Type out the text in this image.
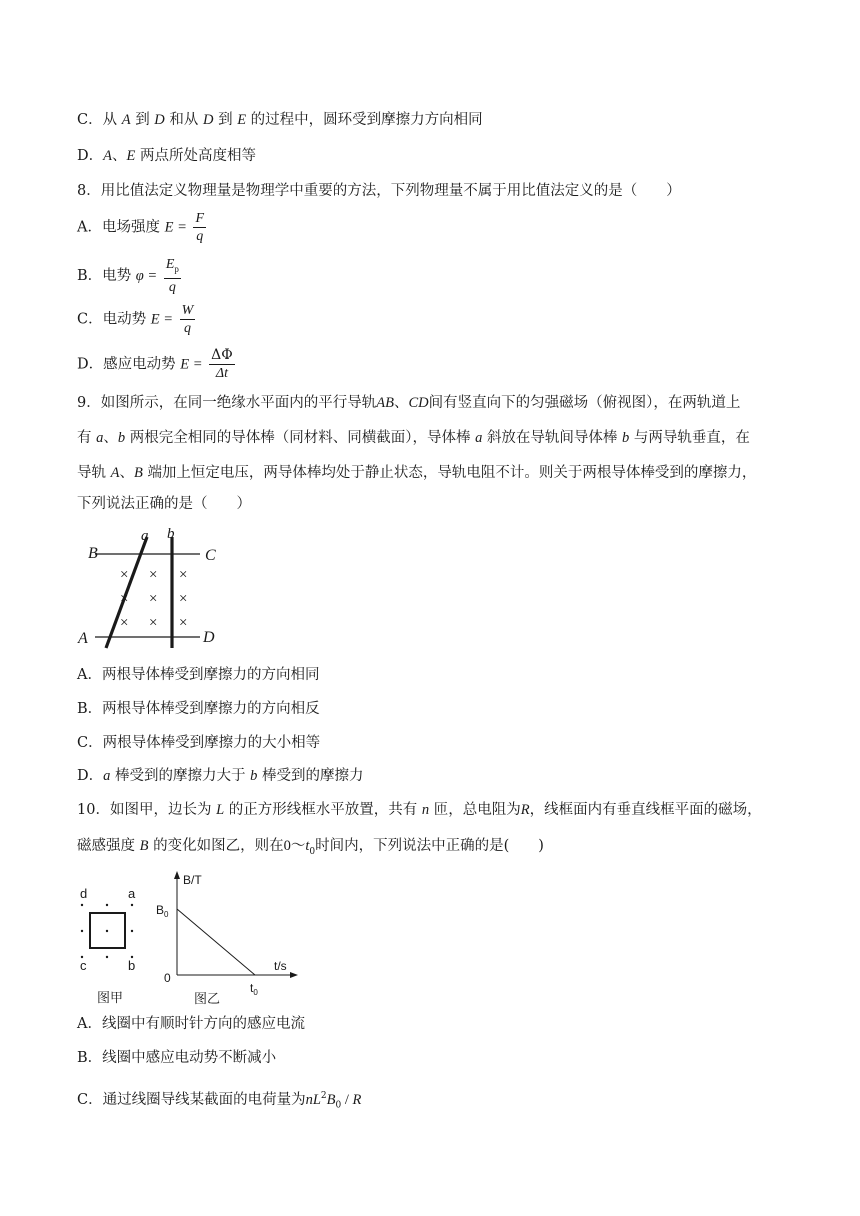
C．从 A 到 D 和从 D 到 E 的过程中，圆环受到摩擦力方向相同
D．A、E 两点所处高度相等
8．用比值法定义物理量是物理学中重要的方法，下列物理量不属于用比值法定义的是（　　）
A．电场强度 $E = \frac{F}{q}$
B．电势 $\varphi = \frac{E_p}{q}$
C．电动势 $E = \frac{W}{q}$
D．感应电动势 $E = \frac{\Delta\Phi}{\Delta t}$
9．如图所示，在同一绝缘水平面内的平行导轨AB、CD间有竖直向下的匀强磁场（俯视图），在两轨道上
有 a、b 两根完全相同的导体棒（同材料、同横截面），导体棒 a 斜放在导轨间导体棒 b 与两导轨垂直，在
导轨 A、B 端加上恒定电压，两导体棒均处于静止状态，导轨电阻不计。则关于两根导体棒受到的摩擦力，
下列说法正确的是（　　）
B	C
A	D
a b
× × ×
× × ×
× × ×
A．两根导体棒受到摩擦力的方向相同
B．两根导体棒受到摩擦力的方向相反
C．两根导体棒受到摩擦力的大小相等
D．a 棒受到的摩擦力大于 b 棒受到的摩擦力
10．如图甲，边长为 L 的正方形线框水平放置，共有 n 匝，总电阻为R，线框面内有垂直线框平面的磁场，
磁感强度 B 的变化如图乙，则在$0\sim t_0$时间内，下列说法中正确的是(　　)
d	a
c	b
图甲
B/T
$B_0$
0
t/s
$t_0$
图乙
A．线圈中有顺时针方向的感应电流
B．线圈中感应电动势不断减小
C．通过线圈导线某截面的电荷量为$nL^2B_0$ / R
